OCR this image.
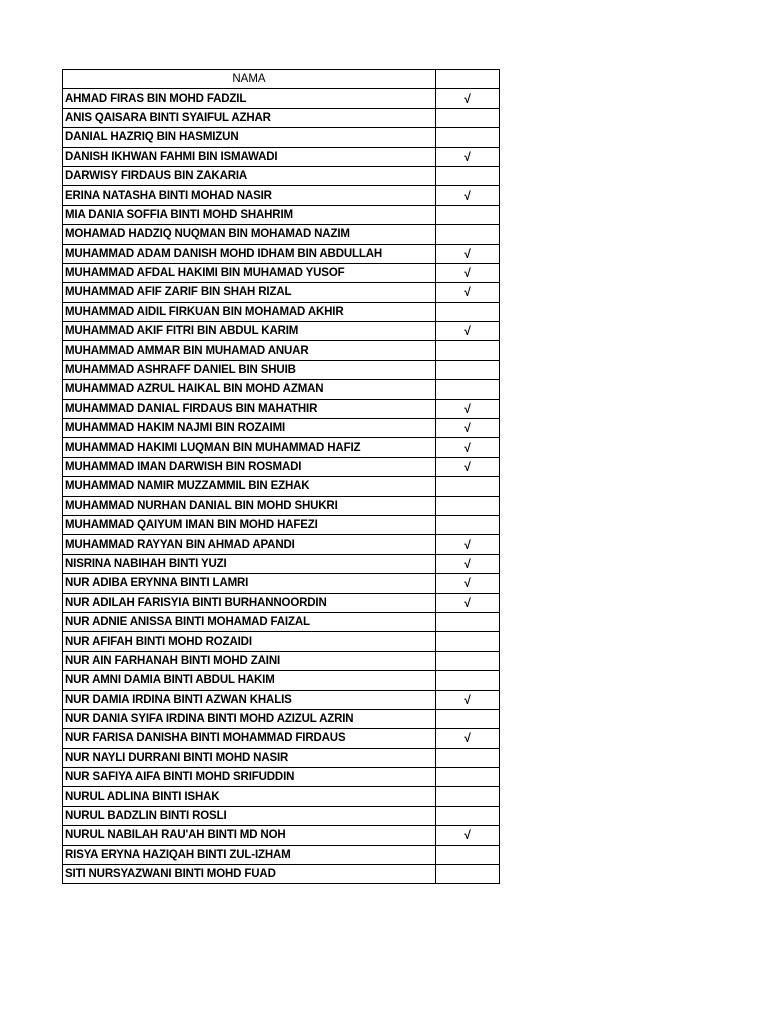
NAMA	
AHMAD FIRAS BIN MOHD FADZIL	√
ANIS QAISARA BINTI SYAIFUL AZHAR	
DANIAL HAZRIQ BIN HASMIZUN	
DANISH IKHWAN FAHMI BIN ISMAWADI	√
DARWISY FIRDAUS BIN ZAKARIA	
ERINA NATASHA BINTI MOHAD NASIR	√
MIA DANIA SOFFIA BINTI MOHD SHAHRIM	
MOHAMAD HADZIQ NUQMAN BIN MOHAMAD NAZIM	
MUHAMMAD ADAM DANISH MOHD IDHAM BIN ABDULLAH	√
MUHAMMAD AFDAL HAKIMI BIN MUHAMAD YUSOF	√
MUHAMMAD AFIF ZARIF BIN SHAH RIZAL	√
MUHAMMAD AIDIL FIRKUAN BIN MOHAMAD AKHIR	
MUHAMMAD AKIF FITRI BIN ABDUL KARIM	√
MUHAMMAD AMMAR BIN MUHAMAD ANUAR	
MUHAMMAD ASHRAFF DANIEL BIN SHUIB	
MUHAMMAD AZRUL HAIKAL BIN MOHD AZMAN	
MUHAMMAD DANIAL FIRDAUS BIN MAHATHIR	√
MUHAMMAD HAKIM NAJMI BIN ROZAIMI	√
MUHAMMAD HAKIMI LUQMAN BIN MUHAMMAD HAFIZ	√
MUHAMMAD IMAN DARWISH BIN ROSMADI	√
MUHAMMAD NAMIR MUZZAMMIL BIN EZHAK	
MUHAMMAD NURHAN DANIAL BIN MOHD SHUKRI	
MUHAMMAD QAIYUM IMAN BIN MOHD HAFEZI	
MUHAMMAD RAYYAN BIN AHMAD APANDI	√
NISRINA NABIHAH BINTI YUZI	√
NUR ADIBA ERYNNA BINTI LAMRI	√
NUR ADILAH FARISYIA BINTI BURHANNOORDIN	√
NUR ADNIE ANISSA BINTI MOHAMAD FAIZAL	
NUR AFIFAH BINTI MOHD ROZAIDI	
NUR AIN FARHANAH BINTI MOHD ZAINI	
NUR AMNI DAMIA BINTI ABDUL HAKIM	
NUR DAMIA IRDINA BINTI AZWAN KHALIS	√
NUR DANIA SYIFA IRDINA BINTI MOHD AZIZUL AZRIN	
NUR FARISA DANISHA BINTI MOHAMMAD FIRDAUS	√
NUR NAYLI DURRANI BINTI MOHD NASIR	
NUR SAFIYA AIFA BINTI MOHD SRIFUDDIN	
NURUL ADLINA BINTI ISHAK	
NURUL BADZLIN BINTI ROSLI	
NURUL NABILAH RAU'AH BINTI MD NOH	√
RISYA ERYNA HAZIQAH BINTI ZUL-IZHAM	
SITI NURSYAZWANI BINTI MOHD FUAD	
